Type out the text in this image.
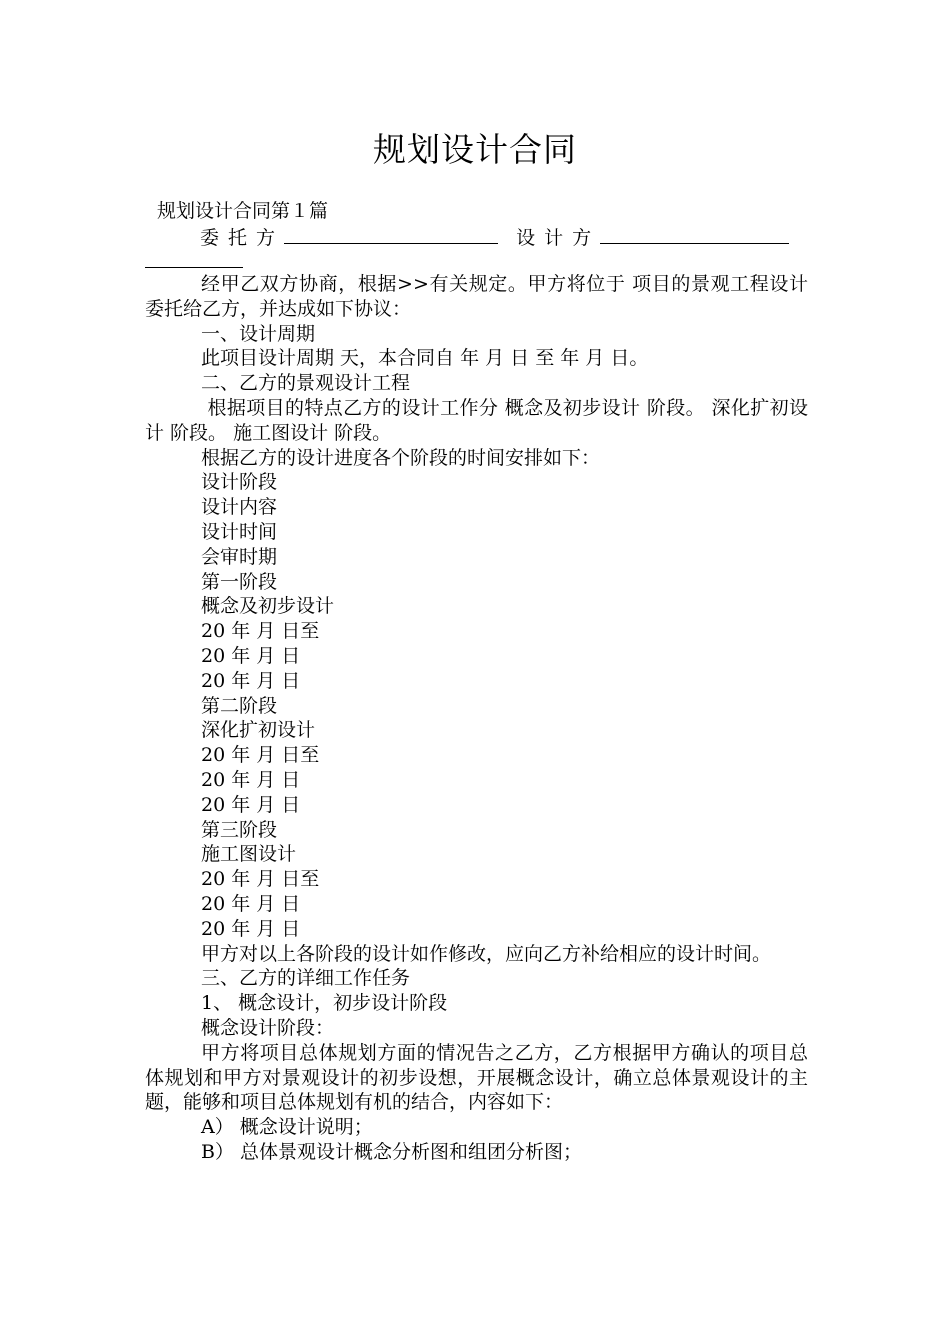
规划设计合同
规划设计合同第１篇
委托方	设计方

经甲乙双方协商，根据>>有关规定。甲方将位于 项目的景观工程设计委托给乙方，并达成如下协议：

一、设计周期

此项目设计周期 天，本合同自 年 月 日 至 年 月 日。

二、乙方的景观设计工程

根据项目的特点乙方的设计工作分 概念及初步设计 阶段。 深化扩初设计 阶段。 施工图设计 阶段。

根据乙方的设计进度各个阶段的时间安排如下：

设计阶段

设计内容

设计时间

会审时期

第一阶段

概念及初步设计

20 年 月 日至

20 年 月 日

20 年 月 日

第二阶段

深化扩初设计

20 年 月 日至

20 年 月 日

20 年 月 日

第三阶段

施工图设计

20 年 月 日至

20 年 月 日

20 年 月 日

甲方对以上各阶段的设计如作修改，应向乙方补给相应的设计时间。

三、乙方的详细工作任务

1、 概念设计，初步设计阶段

概念设计阶段：

甲方将项目总体规划方面的情况告之乙方，乙方根据甲方确认的项目总体规划和甲方对景观设计的初步设想，开展概念设计，确立总体景观设计的主题，能够和项目总体规划有机的结合，内容如下：

A） 概念设计说明；

B） 总体景观设计概念分析图和组团分析图；
